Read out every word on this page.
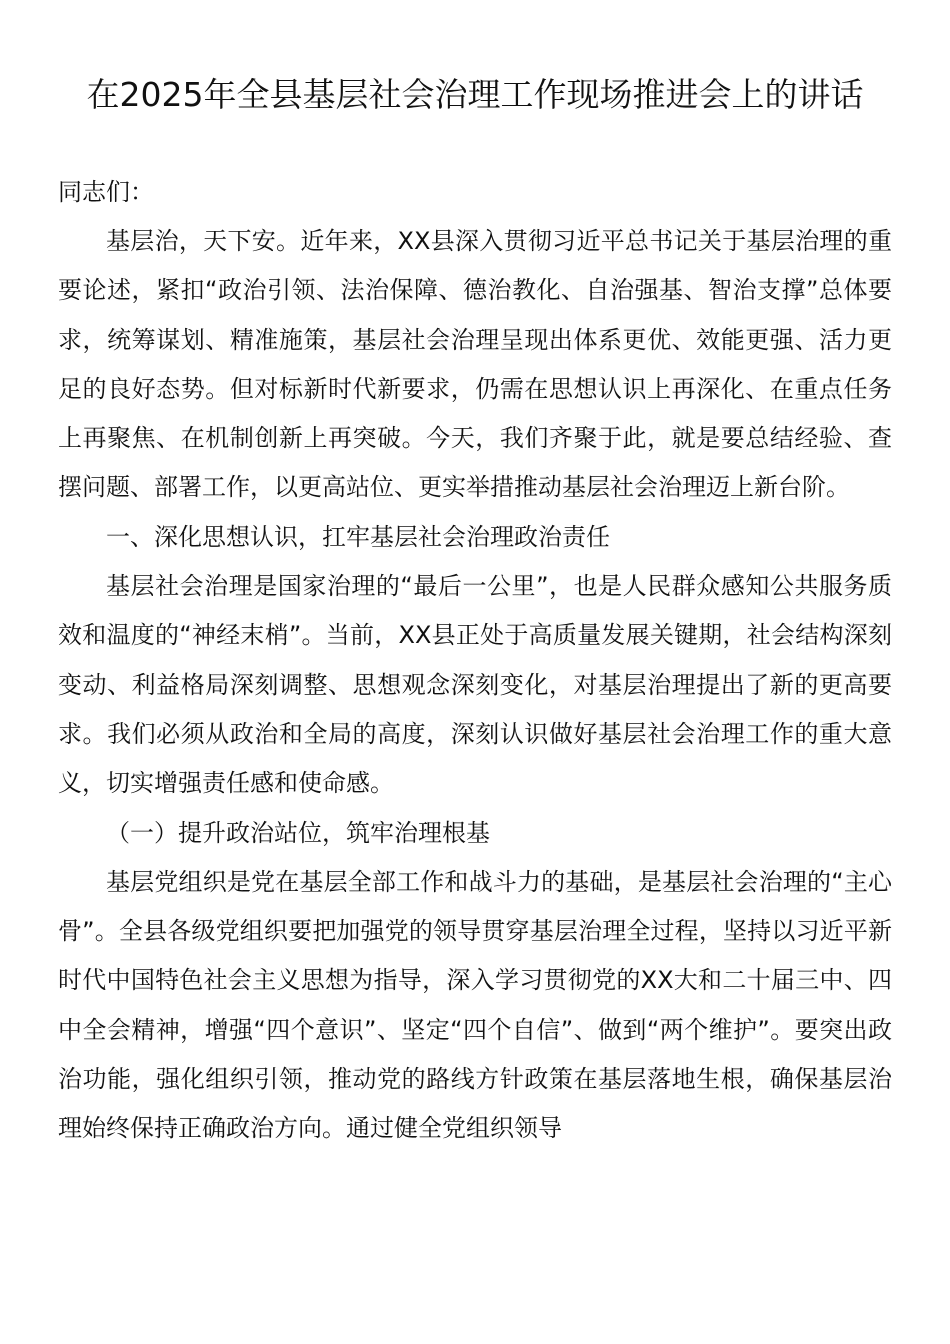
在2025年全县基层社会治理工作现场推进会上的讲话

同志们：

基层治，天下安。近年来，XX县深入贯彻习近平总书记关于基层治理的重要论述，紧扣“政治引领、法治保障、德治教化、自治强基、智治支撑”总体要求，统筹谋划、精准施策，基层社会治理呈现出体系更优、效能更强、活力更足的良好态势。但对标新时代新要求，仍需在思想认识上再深化、在重点任务上再聚焦、在机制创新上再突破。今天，我们齐聚于此，就是要总结经验、查摆问题、部署工作，以更高站位、更实举措推动基层社会治理迈上新台阶。

一、深化思想认识，扛牢基层社会治理政治责任

基层社会治理是国家治理的“最后一公里”，也是人民群众感知公共服务质效和温度的“神经末梢”。当前，XX县正处于高质量发展关键期，社会结构深刻变动、利益格局深刻调整、思想观念深刻变化，对基层治理提出了新的更高要求。我们必须从政治和全局的高度，深刻认识做好基层社会治理工作的重大意义，切实增强责任感和使命感。

（一）提升政治站位，筑牢治理根基

基层党组织是党在基层全部工作和战斗力的基础，是基层社会治理的“主心骨”。全县各级党组织要把加强党的领导贯穿基层治理全过程，坚持以习近平新时代中国特色社会主义思想为指导，深入学习贯彻党的XX大和二十届三中、四中全会精神，增强“四个意识”、坚定“四个自信”、做到“两个维护”。要突出政治功能，强化组织引领，推动党的路线方针政策在基层落地生根，确保基层治理始终保持正确政治方向。通过健全党组织领导
